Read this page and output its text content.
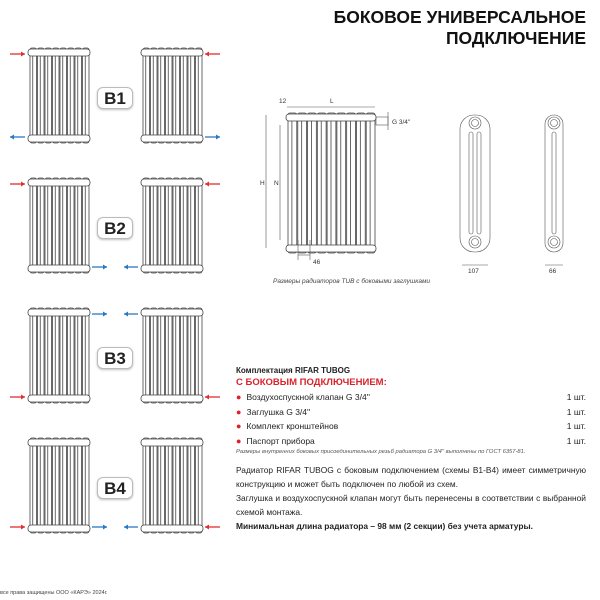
БОКОВОЕ УНИВЕРСАЛЬНОЕ
ПОДКЛЮЧЕНИЕ
B1
B2
B3
B4
12	L
H N
46
G 3/4''
107	66
Размеры радиаторов TUB с боковыми заглушками
Комплектация RIFAR TUBOG
С БОКОВЫМ ПОДКЛЮЧЕНИЕМ:
● Воздухоспускной клапан G 3/4''	1 шт.
● Заглушка G 3/4''	1 шт.
● Комплект кронштейнов	1 шт.
● Паспорт прибора	1 шт.
Размеры внутренних боковых присоединительных резьб радиатора G 3/4'' выполнены по ГОСТ 6357-81.

Радиатор RIFAR TUBOG с боковым подключением (схемы B1-B4) имеет симметричную конструкцию и может быть подключен по любой из схем.

Заглушка и воздухоспускной клапан могут быть перенесены в соответствии с выбранной схемой монтажа.

Минимальная длина радиатора – 98 мм (2 секции) без учета арматуры.

все права защищены ООО «КАРЭ» 2024г.
